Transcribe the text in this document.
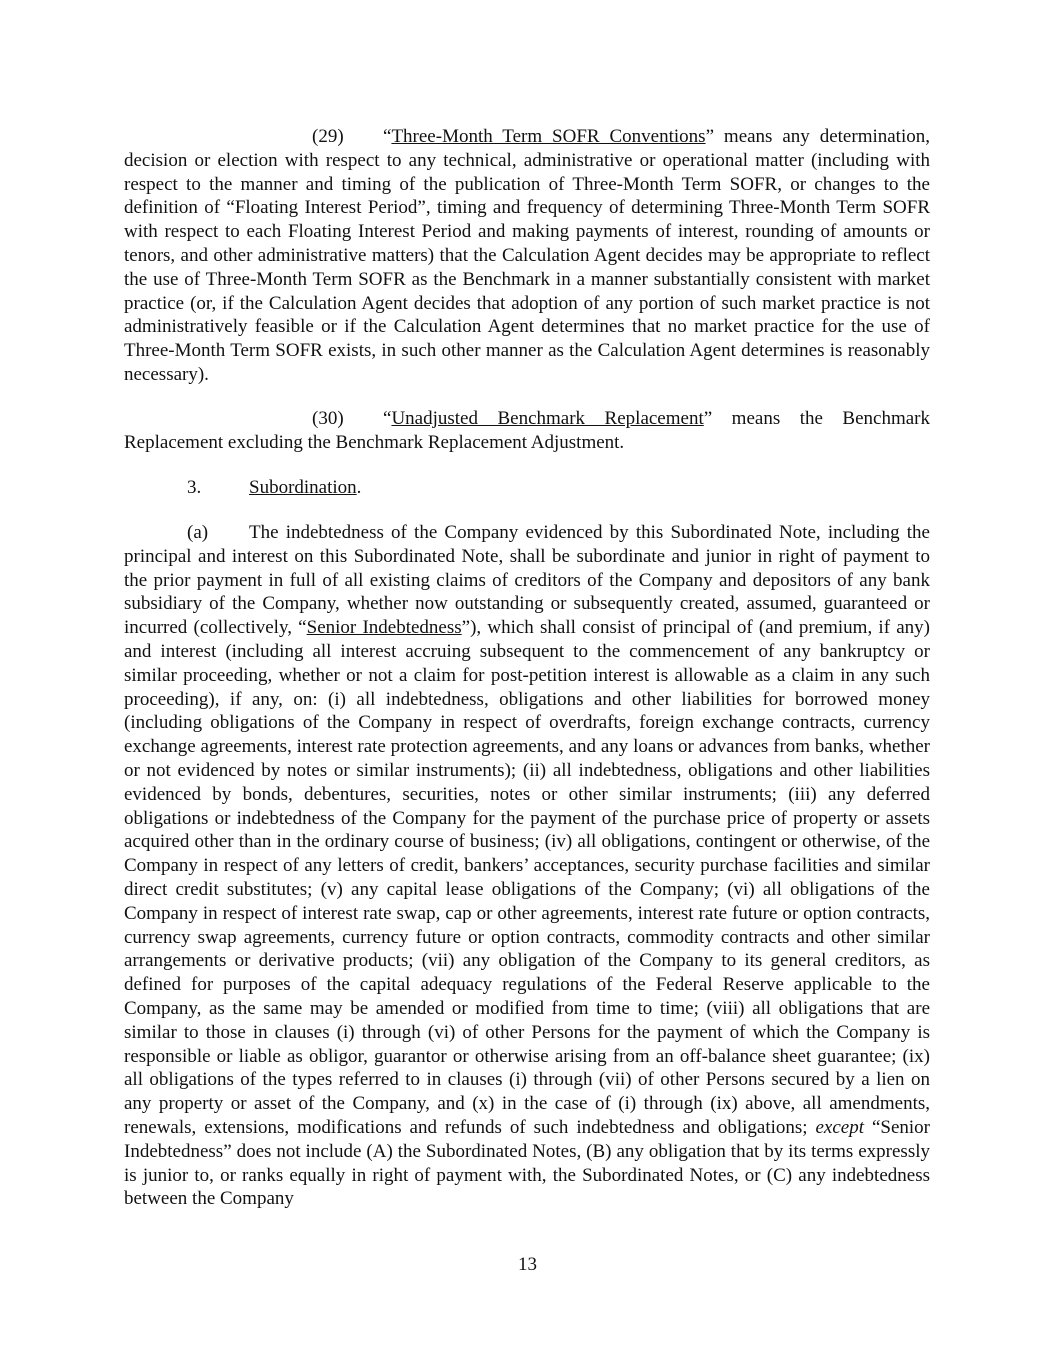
(29) “Three-Month Term SOFR Conventions” means any determination, decision or election with respect to any technical, administrative or operational matter (including with respect to the manner and timing of the publication of Three-Month Term SOFR, or changes to the definition of “Floating Interest Period”, timing and frequency of determining Three-Month Term SOFR with respect to each Floating Interest Period and making payments of interest, rounding of amounts or tenors, and other administrative matters) that the Calculation Agent decides may be appropriate to reflect the use of Three-Month Term SOFR as the Benchmark in a manner substantially consistent with market practice (or, if the Calculation Agent decides that adoption of any portion of such market practice is not administratively feasible or if the Calculation Agent determines that no market practice for the use of Three-Month Term SOFR exists, in such other manner as the Calculation Agent determines is reasonably necessary).

(30) “Unadjusted Benchmark Replacement” means the Benchmark Replacement excluding the Benchmark Replacement Adjustment.

3.	Subordination.

(a) The indebtedness of the Company evidenced by this Subordinated Note, including the principal and interest on this Subordinated Note, shall be subordinate and junior in right of payment to the prior payment in full of all existing claims of creditors of the Company and depositors of any bank subsidiary of the Company, whether now outstanding or subsequently created, assumed, guaranteed or incurred (collectively, “Senior Indebtedness”), which shall consist of principal of (and premium, if any) and interest (including all interest accruing subsequent to the commencement of any bankruptcy or similar proceeding, whether or not a claim for post-petition interest is allowable as a claim in any such proceeding), if any, on: (i) all indebtedness, obligations and other liabilities for borrowed money (including obligations of the Company in respect of overdrafts, foreign exchange contracts, currency exchange agreements, interest rate protection agreements, and any loans or advances from banks, whether or not evidenced by notes or similar instruments); (ii) all indebtedness, obligations and other liabilities evidenced by bonds, debentures, securities, notes or other similar instruments; (iii) any deferred obligations or indebtedness of the Company for the payment of the purchase price of property or assets acquired other than in the ordinary course of business; (iv) all obligations, contingent or otherwise, of the Company in respect of any letters of credit, bankers’ acceptances, security purchase facilities and similar direct credit substitutes; (v) any capital lease obligations of the Company; (vi) all obligations of the Company in respect of interest rate swap, cap or other agreements, interest rate future or option contracts, currency swap agreements, currency future or option contracts, commodity contracts and other similar arrangements or derivative products; (vii) any obligation of the Company to its general creditors, as defined for purposes of the capital adequacy regulations of the Federal Reserve applicable to the Company, as the same may be amended or modified from time to time; (viii) all obligations that are similar to those in clauses (i) through (vi) of other Persons for the payment of which the Company is responsible or liable as obligor, guarantor or otherwise arising from an off-balance sheet guarantee; (ix) all obligations of the types referred to in clauses (i) through (vii) of other Persons secured by a lien on any property or asset of the Company, and (x) in the case of (i) through (ix) above, all amendments, renewals, extensions, modifications and refunds of such indebtedness and obligations; except “Senior Indebtedness” does not include (A) the Subordinated Notes, (B) any obligation that by its terms expressly is junior to, or ranks equally in right of payment with, the Subordinated Notes, or (C) any indebtedness between the Company

13
